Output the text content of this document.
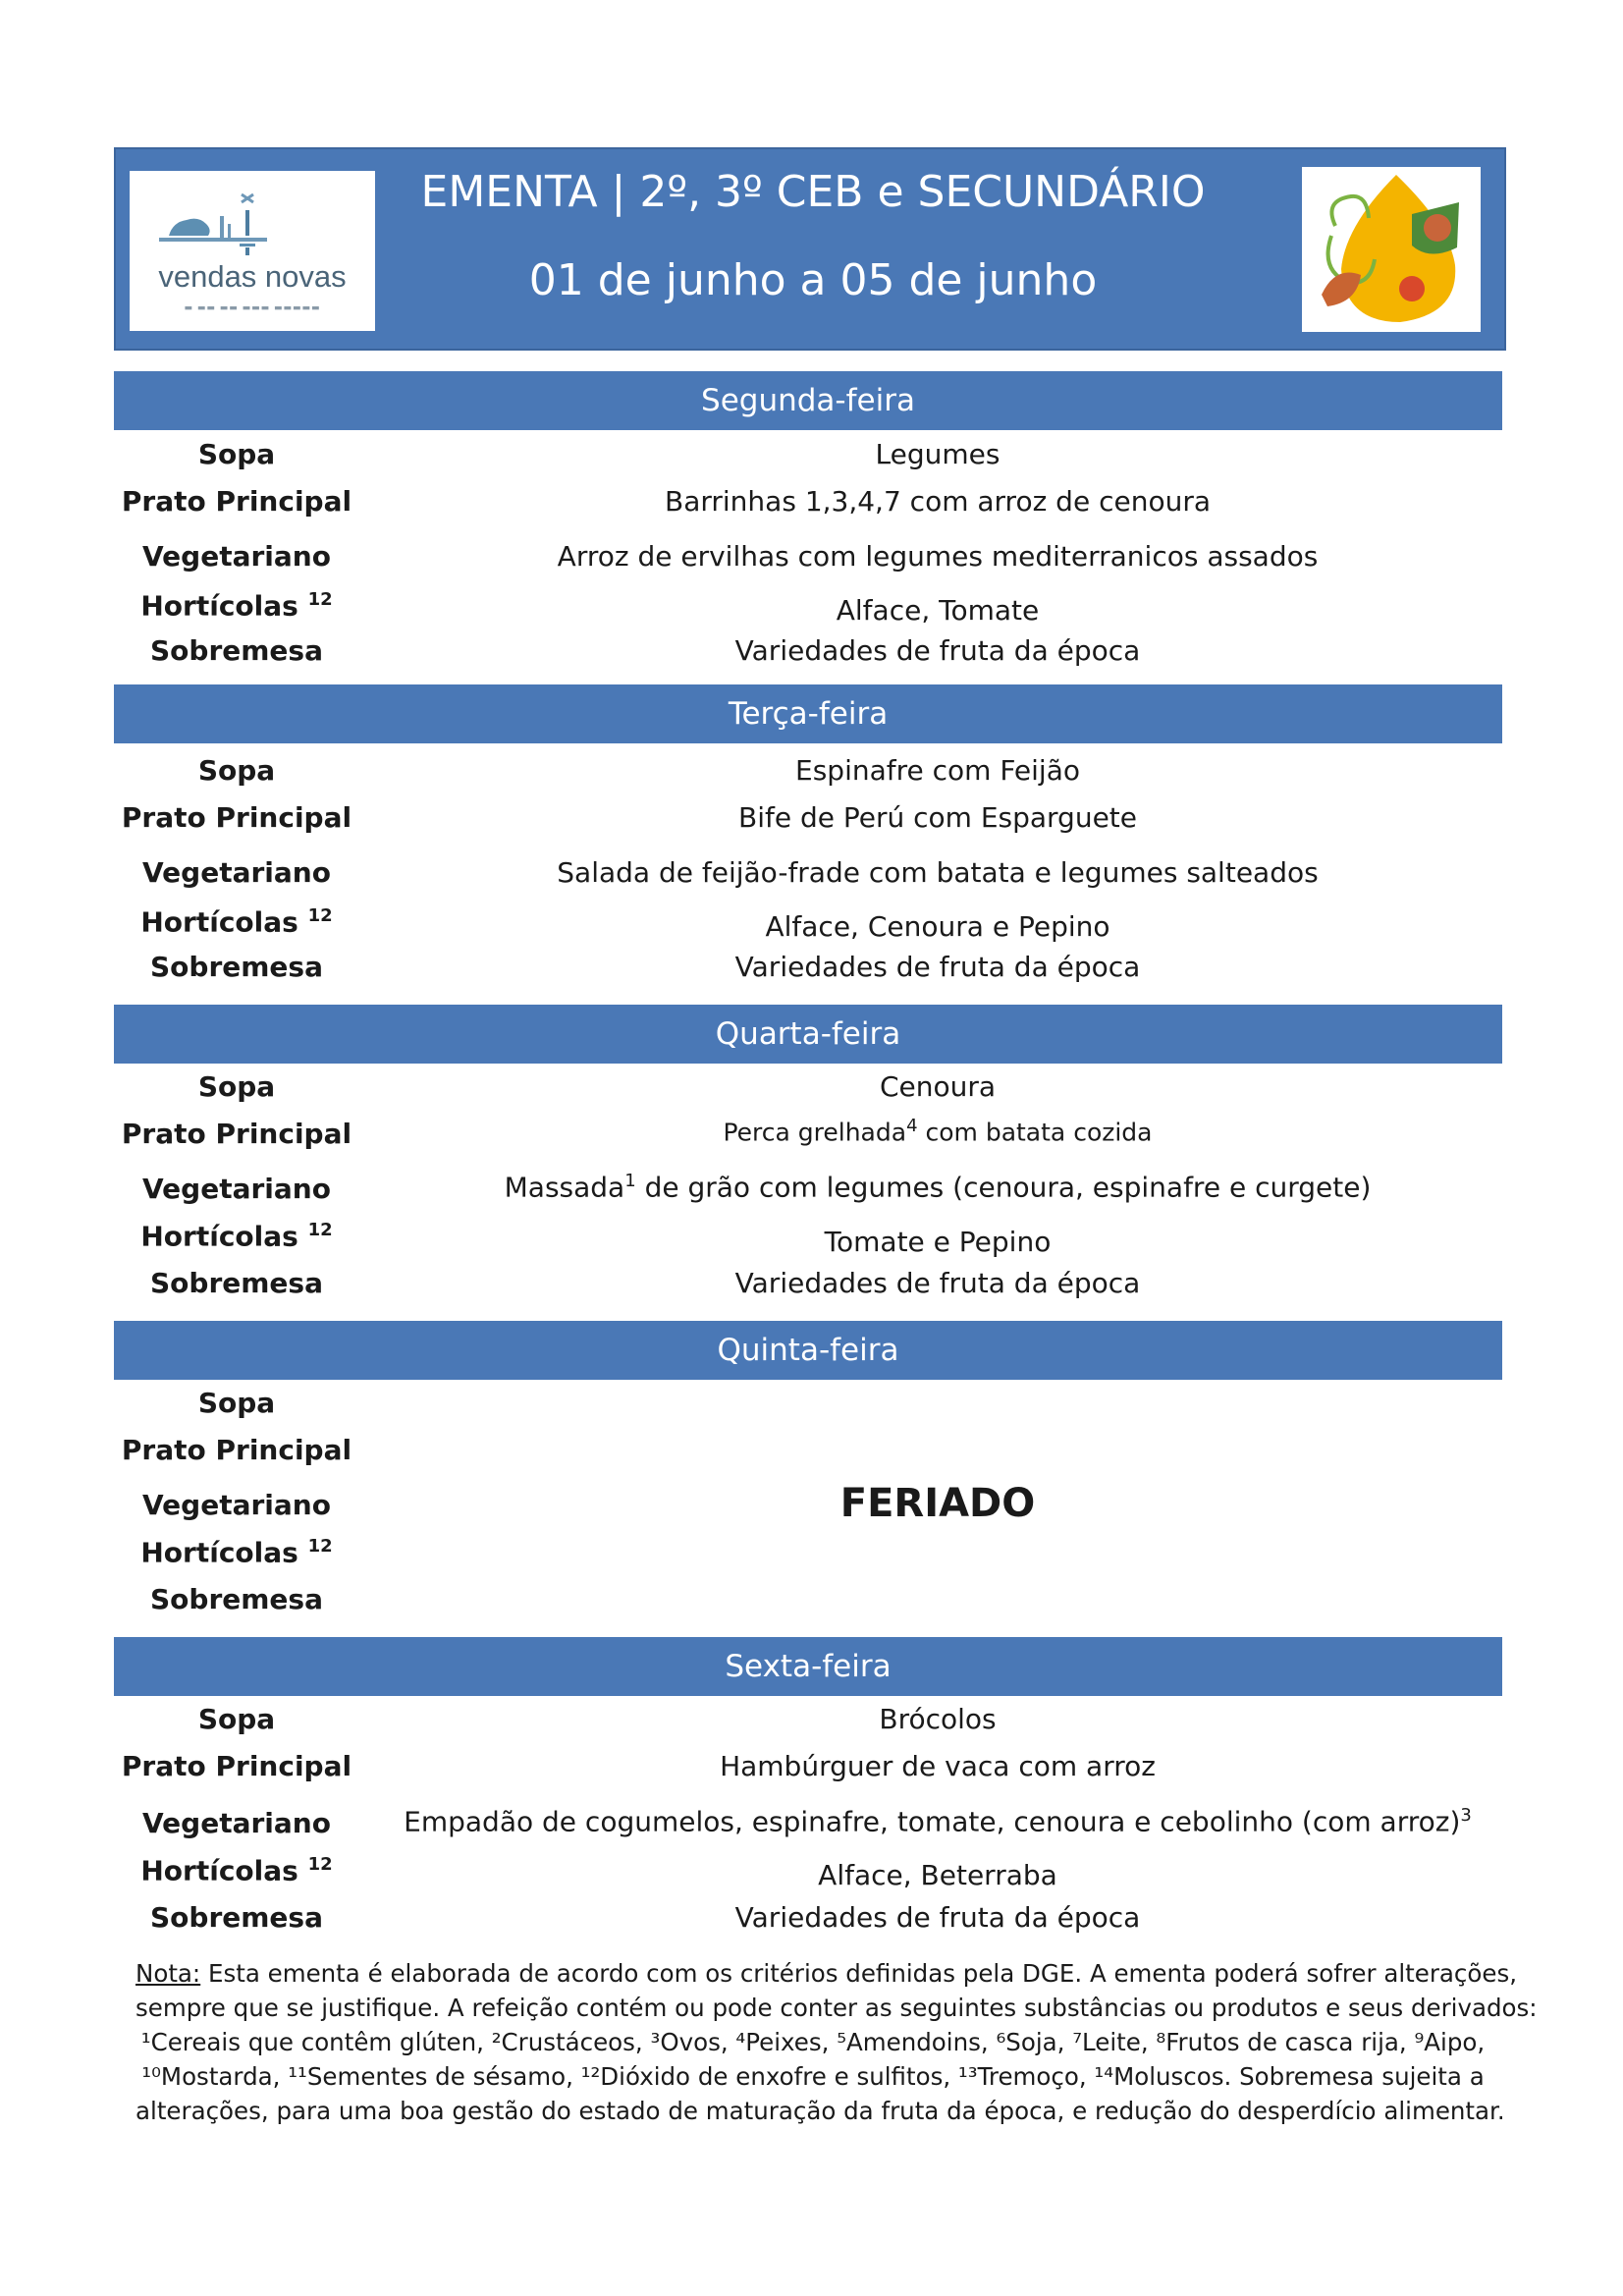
vendas novas
▬ ▬▬ ▬▬ ▬▬▬ ▬▬▬▬▬
EMENTA | 2º, 3º CEB e SECUNDÁRIO
01 de junho a 05 de junho
Segunda-feira
Sopa	Legumes
Prato Principal	Barrinhas 1,3,4,7 com arroz de cenoura
Vegetariano	Arroz de ervilhas com legumes mediterranicos assados
Hortícolas $^{12}$	Alface, Tomate
Sobremesa	Variedades de fruta da época
Terça-feira
Sopa	Espinafre com Feijão
Prato Principal	Bife de Perú com Esparguete
Vegetariano	Salada de feijão-frade com batata e legumes salteados
Hortícolas $^{12}$	Alface, Cenoura e Pepino
Sobremesa	Variedades de fruta da época
Quarta-feira
Sopa	Cenoura
Prato Principal	Perca grelhada$^4$ com batata cozida
Vegetariano	Massada$^1$ de grão com legumes (cenoura, espinafre e curgete)
Hortícolas $^{12}$	Tomate e Pepino
Sobremesa	Variedades de fruta da época
Quinta-feira
Sopa
Prato Principal
Vegetariano	FERIADO
Hortícolas $^{12}$
Sobremesa
Sexta-feira
Sopa	Brócolos
Prato Principal	Hambúrguer de vaca com arroz
Vegetariano	Empadão de cogumelos, espinafre, tomate, cenoura e cebolinho (com arroz)$^3$
Hortícolas $^{12}$	Alface, Beterraba
Sobremesa	Variedades de fruta da época
Nota: Esta ementa é elaborada de acordo com os critérios definidas pela DGE. A ementa poderá sofrer alterações,
sempre que se justifique. A refeição contém ou pode conter as seguintes substâncias ou produtos e seus derivados:
¹Cereais que contêm glúten, ²Crustáceos, ³Ovos, ⁴Peixes, ⁵Amendoins, ⁶Soja, ⁷Leite, ⁸Frutos de casca rija, ⁹Aipo,
¹⁰Mostarda, ¹¹Sementes de sésamo, ¹²Dióxido de enxofre e sulfitos, ¹³Tremoço, ¹⁴Moluscos. Sobremesa sujeita a
alterações, para uma boa gestão do estado de maturação da fruta da época, e redução do desperdício alimentar.
